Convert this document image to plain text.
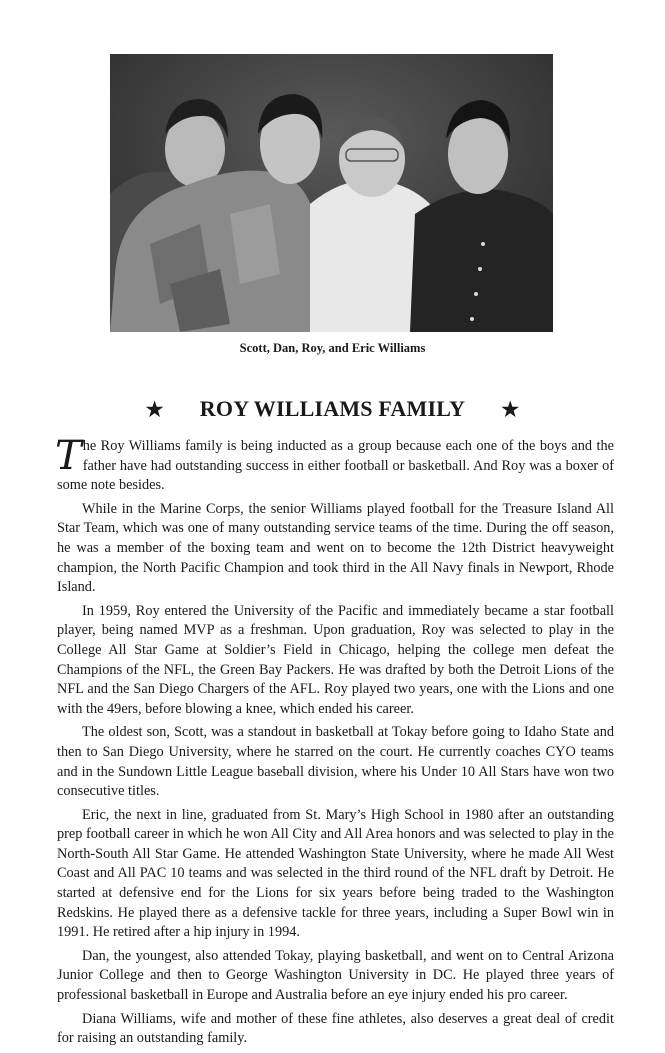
Scott, Dan, Roy, and Eric Williams
★ ROY WILLIAMS FAMILY ★

The Roy Williams family is being inducted as a group because each one of the boys and the father have had outstanding success in either football or basketball. And Roy was a boxer of some note besides.

While in the Marine Corps, the senior Williams played football for the Treasure Island All Star Team, which was one of many outstanding service teams of the time. During the off season, he was a member of the boxing team and went on to become the 12th District heavyweight champion, the North Pacific Champion and took third in the All Navy finals in Newport, Rhode Island.

In 1959, Roy entered the University of the Pacific and immediately became a star football player, being named MVP as a freshman. Upon graduation, Roy was selected to play in the College All Star Game at Soldier’s Field in Chicago, helping the college men defeat the Champions of the NFL, the Green Bay Packers. He was drafted by both the Detroit Lions of the NFL and the San Diego Chargers of the AFL. Roy played two years, one with the Lions and one with the 49ers, before blowing a knee, which ended his career.

The oldest son, Scott, was a standout in basketball at Tokay before going to Idaho State and then to San Diego University, where he starred on the court. He currently coaches CYO teams and in the Sundown Little League baseball division, where his Under 10 All Stars have won two consecutive titles.

Eric, the next in line, graduated from St. Mary’s High School in 1980 after an outstanding prep football career in which he won All City and All Area honors and was selected to play in the North-South All Star Game. He attended Washington State University, where he made All West Coast and All PAC 10 teams and was selected in the third round of the NFL draft by Detroit. He started at defensive end for the Lions for six years before being traded to the Washington Redskins. He played there as a defensive tackle for three years, including a Super Bowl win in 1991. He retired after a hip injury in 1994.

Dan, the youngest, also attended Tokay, playing basketball, and went on to Central Arizona Junior College and then to George Washington University in DC. He played three years of professional basketball in Europe and Australia before an eye injury ended his pro career.

Diana Williams, wife and mother of these fine athletes, also deserves a great deal of credit for raising an outstanding family.
